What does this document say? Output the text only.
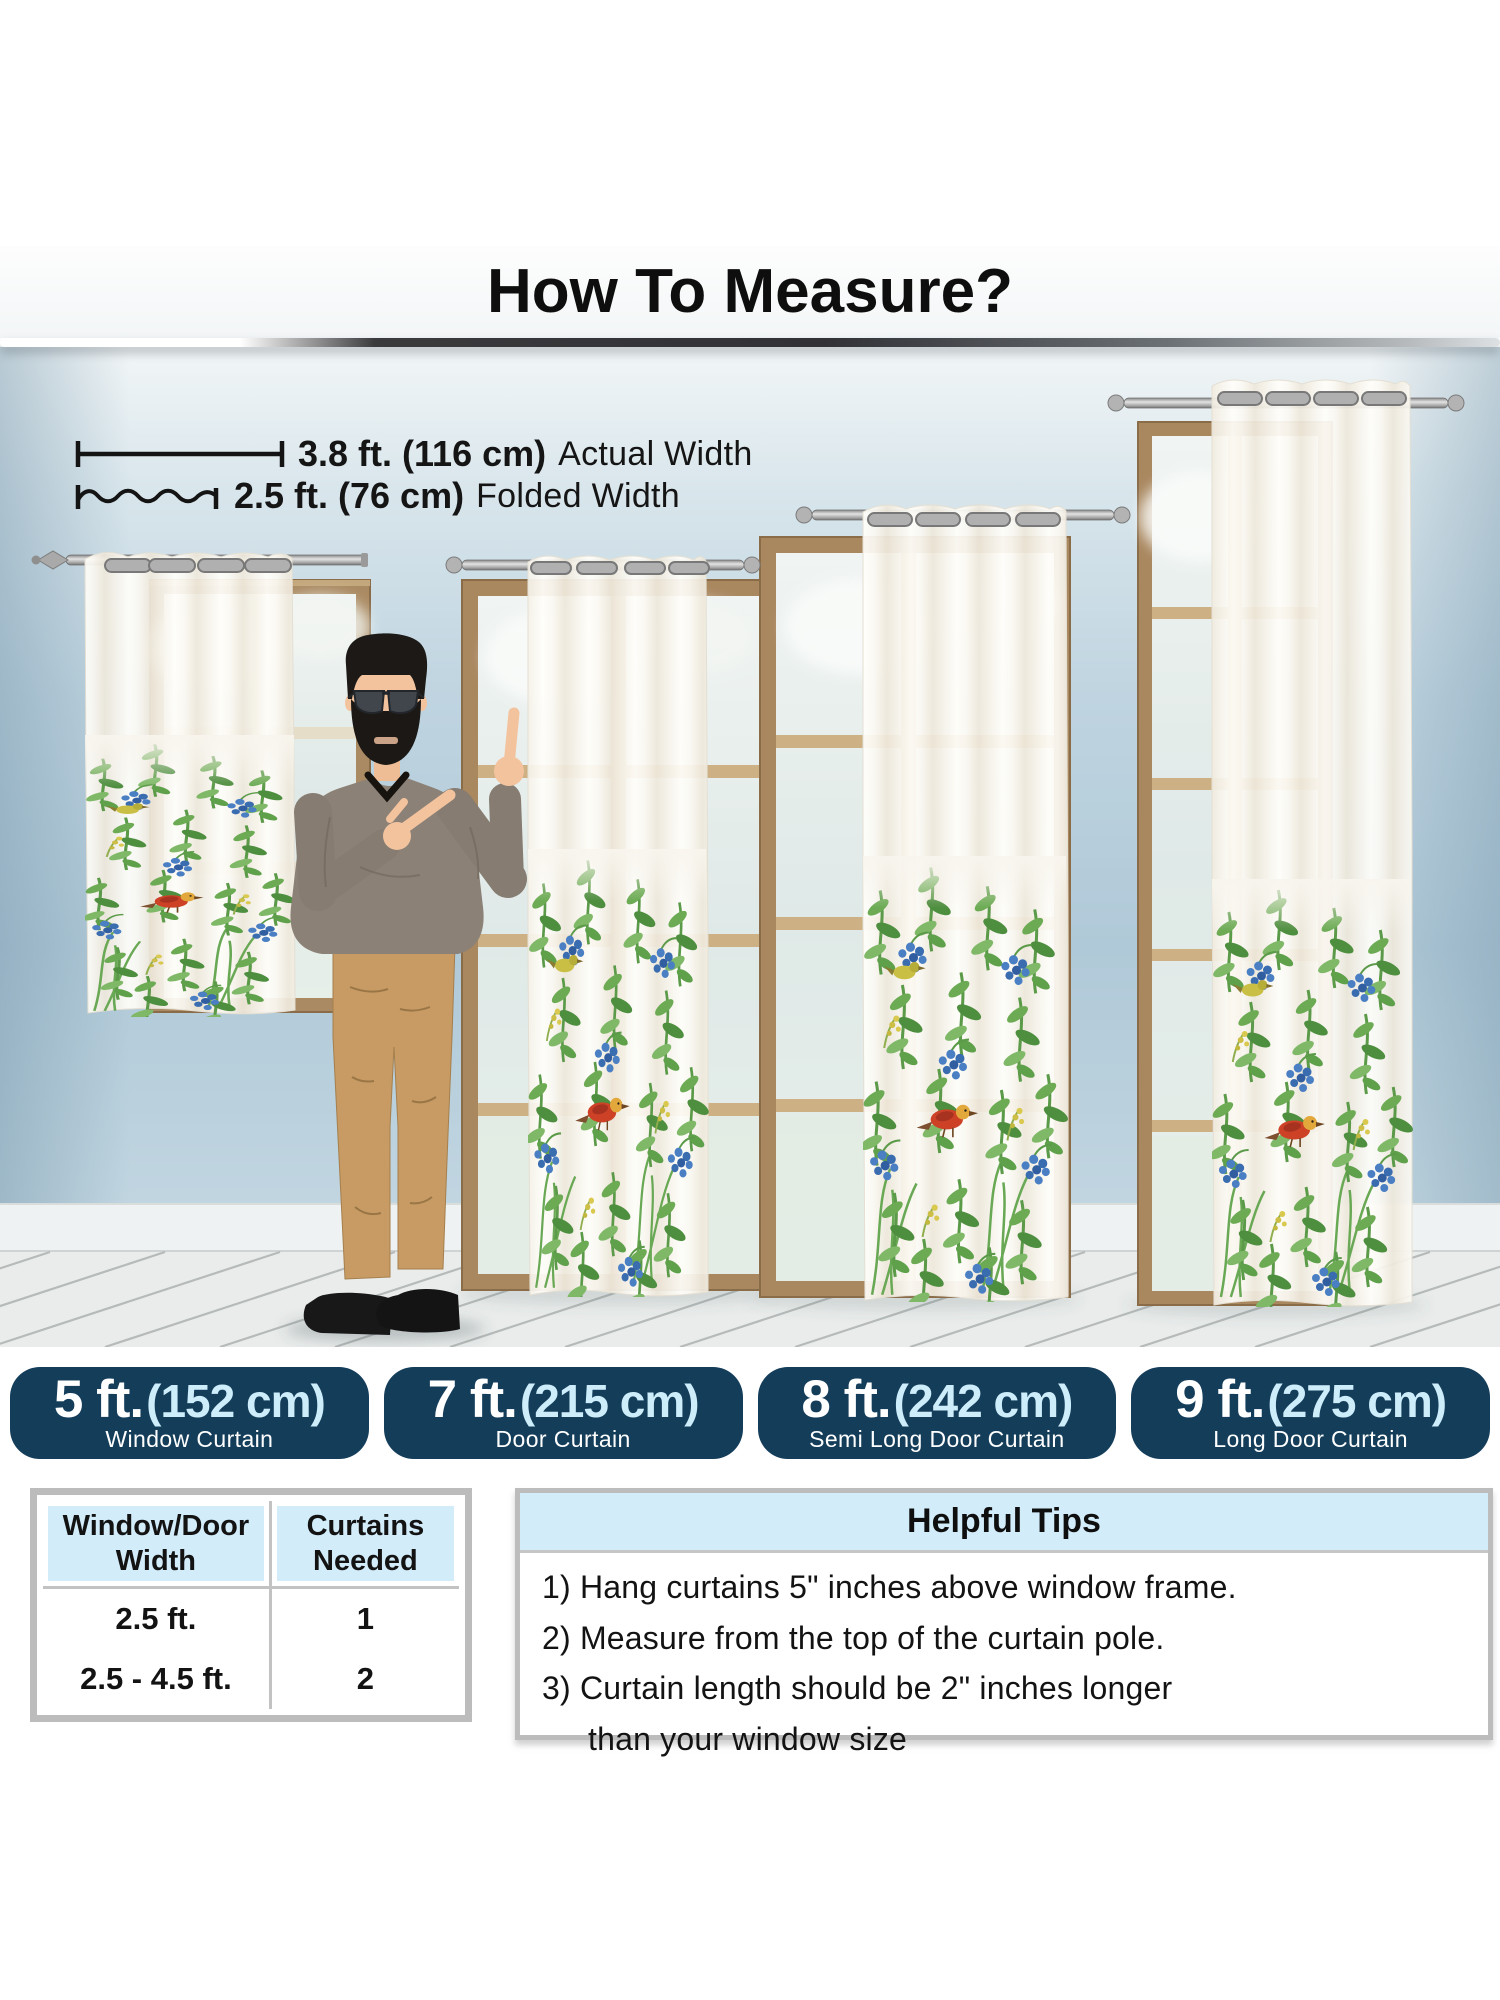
How To Measure?
3.8 ft. (116 cm) Actual Width
2.5 ft. (76 cm) Folded Width
5 ft. (152 cm)
Window Curtain
7 ft. (215 cm)
Door Curtain
8 ft. (242 cm)
Semi Long Door Curtain
9 ft. (275 cm)
Long Door Curtain
Window/Door Width
Curtains Needed
2.5 ft.	1
2.5 - 4.5 ft.	2
Helpful Tips
1) Hang curtains 5" inches above window frame.
2) Measure from the top of the curtain pole.
3) Curtain length should be 2" inches longer
than your window size
